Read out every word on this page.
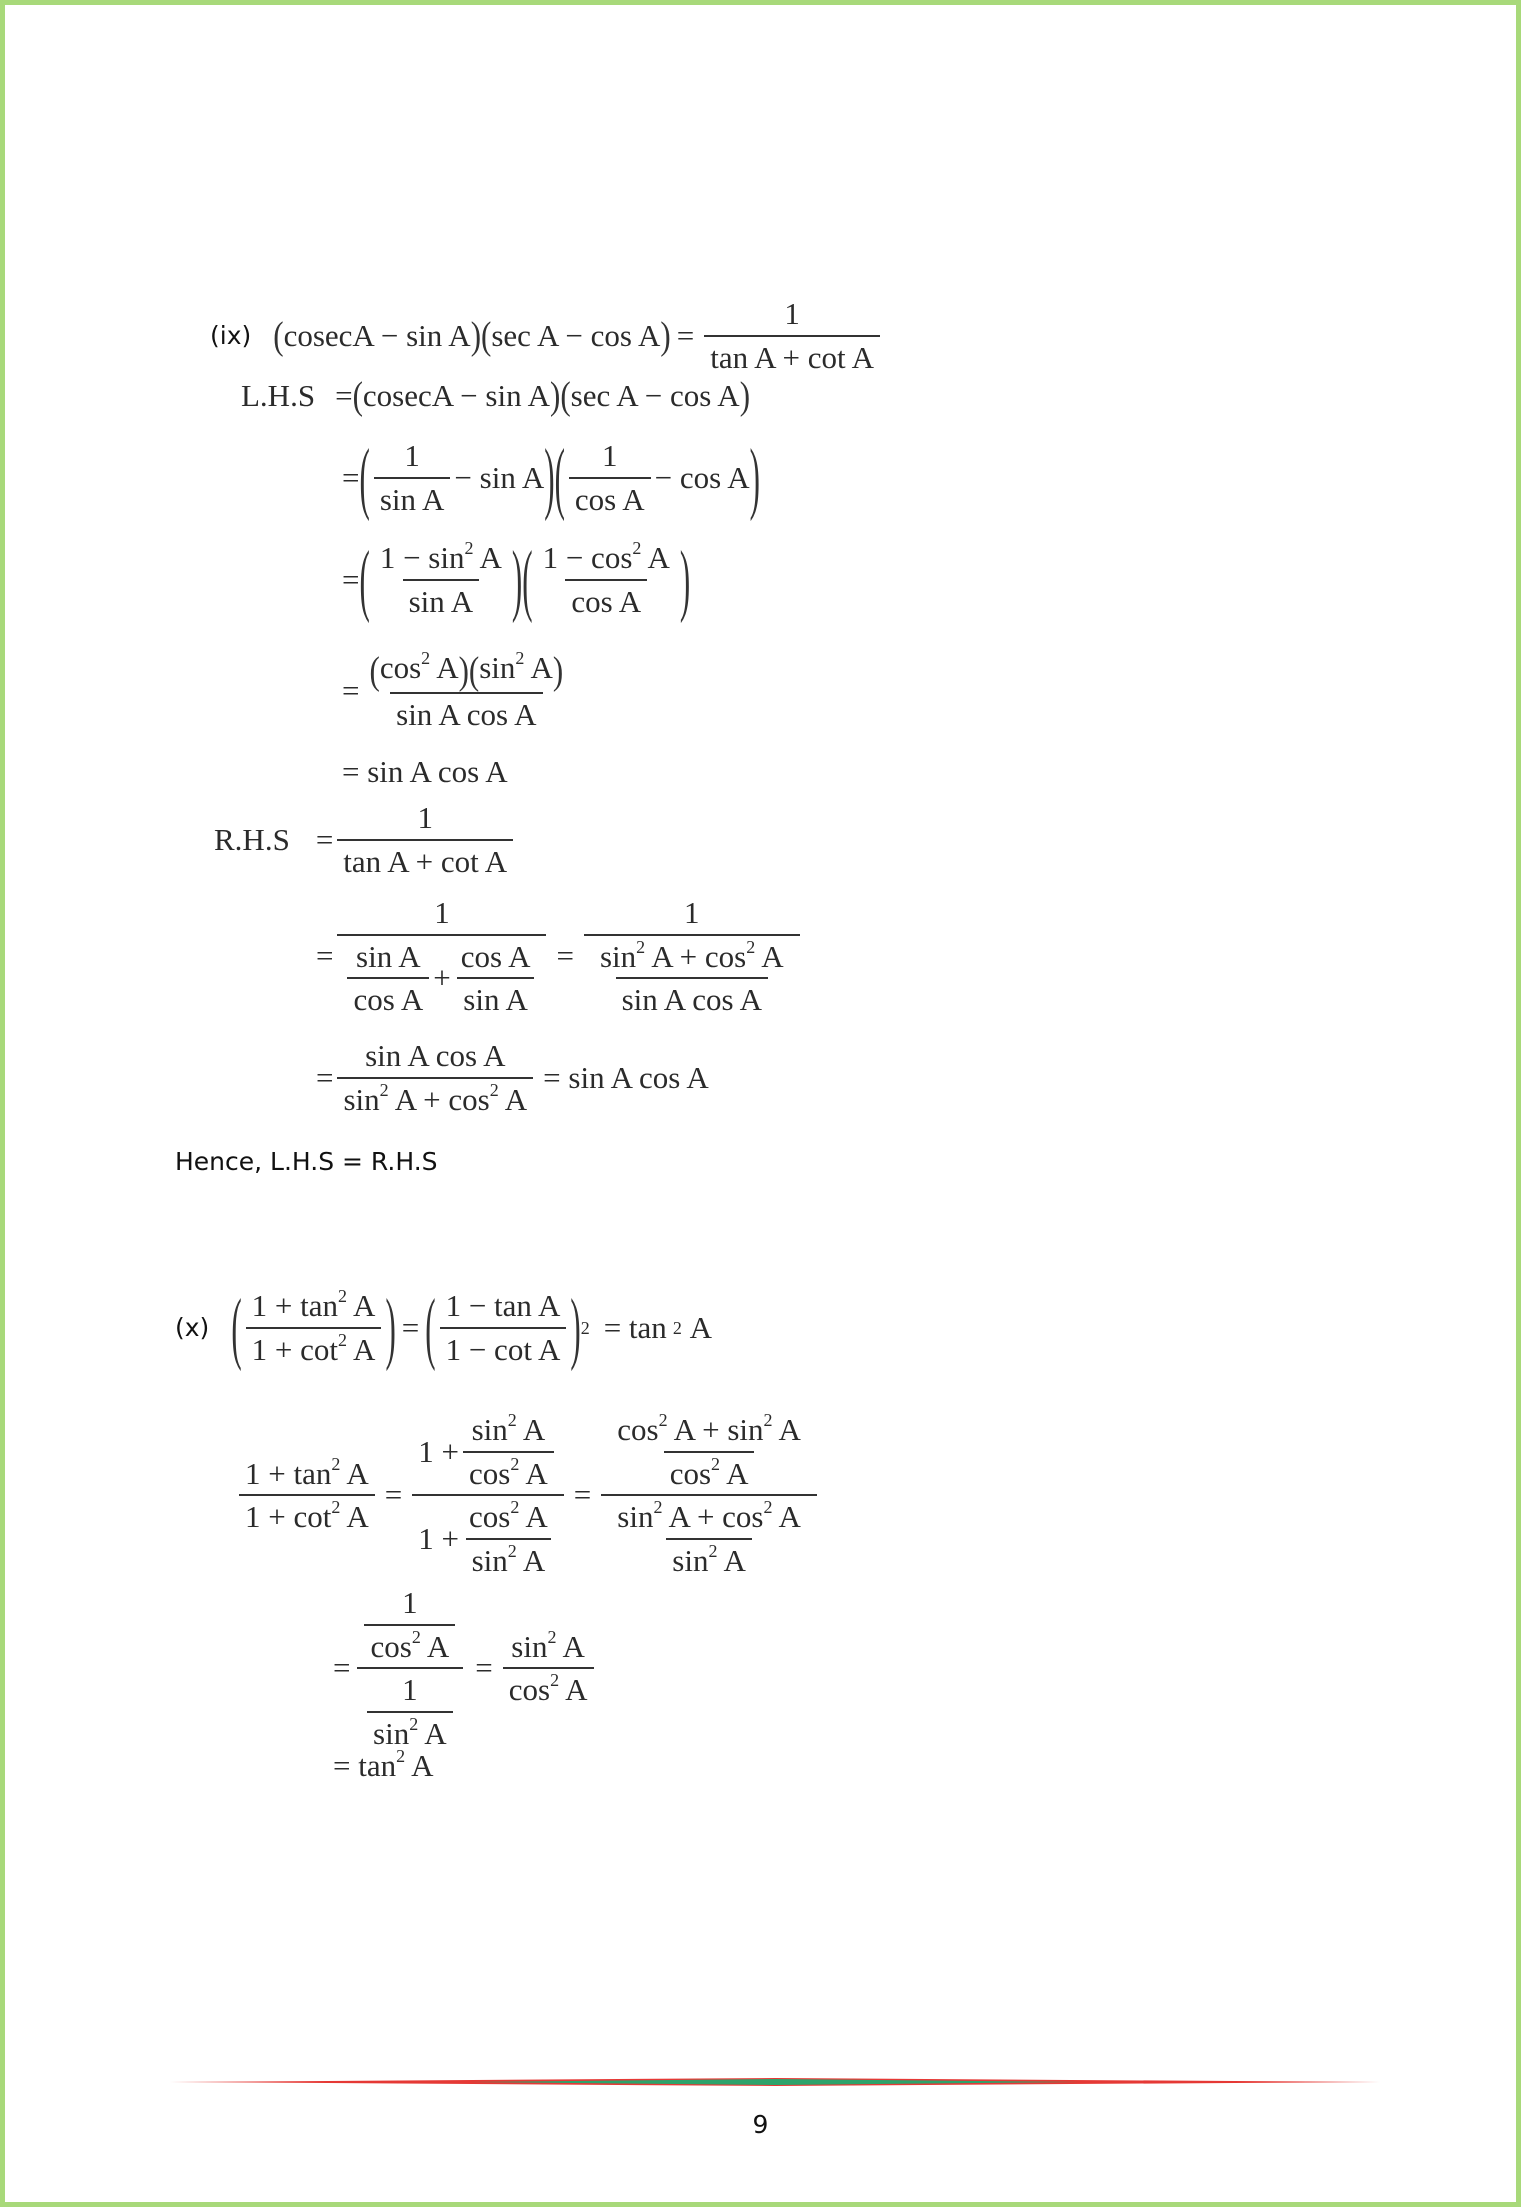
(ix) ( cosecA − sin A ) ( sec A − cos A ) = $\frac{1}{\text{tan A + cot A}}$
L.H.S = ( cosecA − sin A ) ( sec A − cos A )
= ( $\frac{1}{\text{sin A}} - \sin A$ ) ( $\frac{1}{\text{cos A}} - \cos A$ )
= ( $\frac{1 - \sin^2 A}{\text{sin A}}$ ) ( $\frac{1 - \cos^2 A}{\text{cos A}}$ )
= $\frac{(\cos^2 A)(\sin^2 A)}{\text{sin A cos A}}$
= sin A cos A
$R.H.S = \frac{1}{\text{tan A + cot A}}$
= $\frac{1}{\frac{\text{sin A}}{\text{cos A}} + \frac{\text{cos A}}{\text{sin A}}} = \frac{1}{\frac{\sin^2 A + \cos^2 A}{\text{sin A cos A}}}$
= $\frac{\text{sin A cos A}}{\sin^2 A + \cos^2 A} = \sin A$ cos A
Hence, L.H.S = R.H.S
(x) ( $\frac{1 + \tan^2 A}{1 + \cot^2 A}$ ) = ( $\frac{\text{1 − tan A}}{\text{1 − cot A}}$ ) 2 = tan 2
A
$\frac{1 + \tan^2 A}{1 + \cot^2 A} = \frac{1 + \frac{\sin^2 A}{\cos^2 A}}{1 + \frac{\cos^2 A}{\sin^2 A}} = \frac{\frac{\cos^2 A + \sin^2 A}{\cos^2 A}}{\frac{\sin^2 A + \cos^2 A}{\sin^2 A}}$
= $\frac{\frac{1}{\cos^2 A}}{\frac{1}{\sin^2 A}} = \frac{\sin^2 A}{\cos^2 A}$
= $\tan^2 A$
9
